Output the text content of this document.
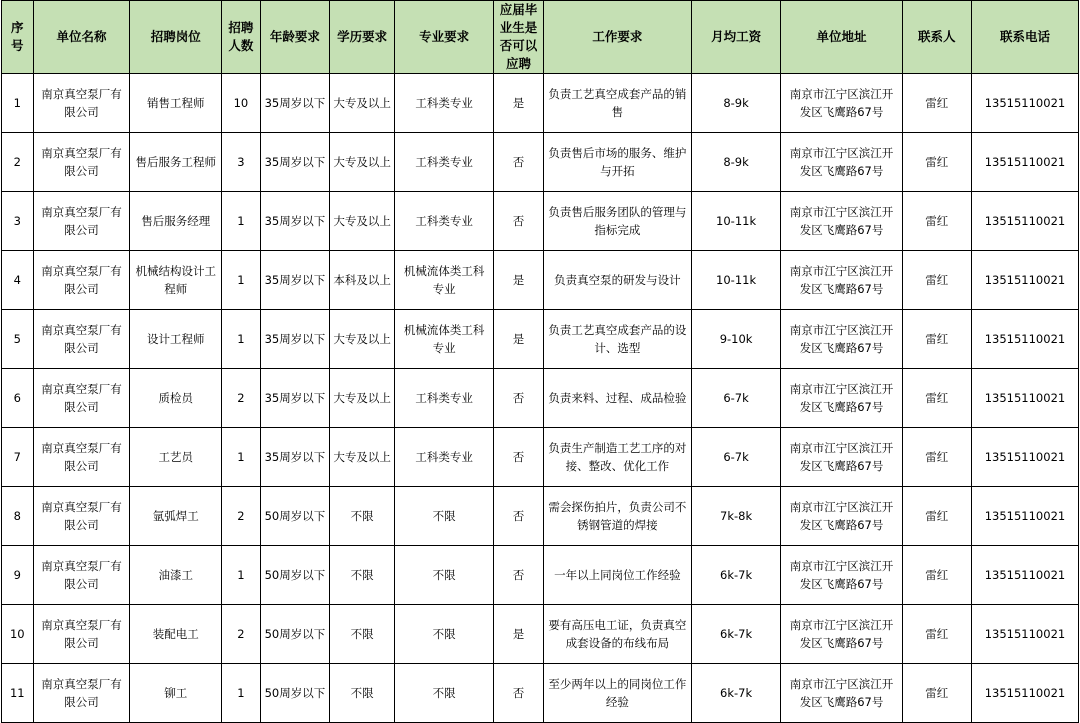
序号	单位名称	招聘岗位	招聘人数	年龄要求	学历要求	专业要求	应届毕业生是否可以应聘	工作要求	月均工资	单位地址	联系人	联系电话
1	南京真空泵厂有限公司	销售工程师	10	35周岁以下	大专及以上	工科类专业	是	负责工艺真空成套产品的销售	8-9k	南京市江宁区滨江开发区飞鹰路67号	雷红	13515110021
2	南京真空泵厂有限公司	售后服务工程师	3	35周岁以下	大专及以上	工科类专业	否	负责售后市场的服务、维护与开拓	8-9k	南京市江宁区滨江开发区飞鹰路67号	雷红	13515110021
3	南京真空泵厂有限公司	售后服务经理	1	35周岁以下	大专及以上	工科类专业	否	负责售后服务团队的管理与指标完成	10-11k	南京市江宁区滨江开发区飞鹰路67号	雷红	13515110021
4	南京真空泵厂有限公司	机械结构设计工程师	1	35周岁以下	本科及以上	机械流体类工科专业	是	负责真空泵的研发与设计	10-11k	南京市江宁区滨江开发区飞鹰路67号	雷红	13515110021
5	南京真空泵厂有限公司	设计工程师	1	35周岁以下	大专及以上	机械流体类工科专业	是	负责工艺真空成套产品的设计、选型	9-10k	南京市江宁区滨江开发区飞鹰路67号	雷红	13515110021
6	南京真空泵厂有限公司	质检员	2	35周岁以下	大专及以上	工科类专业	否	负责来料、过程、成品检验	6-7k	南京市江宁区滨江开发区飞鹰路67号	雷红	13515110021
7	南京真空泵厂有限公司	工艺员	1	35周岁以下	大专及以上	工科类专业	否	负责生产制造工艺工序的对接、整改、优化工作	6-7k	南京市江宁区滨江开发区飞鹰路67号	雷红	13515110021
8	南京真空泵厂有限公司	氩弧焊工	2	50周岁以下	不限	不限	否	需会探伤拍片，负责公司不锈钢管道的焊接	7k-8k	南京市江宁区滨江开发区飞鹰路67号	雷红	13515110021
9	南京真空泵厂有限公司	油漆工	1	50周岁以下	不限	不限	否	一年以上同岗位工作经验	6k-7k	南京市江宁区滨江开发区飞鹰路67号	雷红	13515110021
10	南京真空泵厂有限公司	装配电工	2	50周岁以下	不限	不限	是	要有高压电工证，负责真空成套设备的布线布局	6k-7k	南京市江宁区滨江开发区飞鹰路67号	雷红	13515110021
11	南京真空泵厂有限公司	铆工	1	50周岁以下	不限	不限	否	至少两年以上的同岗位工作经验	6k-7k	南京市江宁区滨江开发区飞鹰路67号	雷红	13515110021
